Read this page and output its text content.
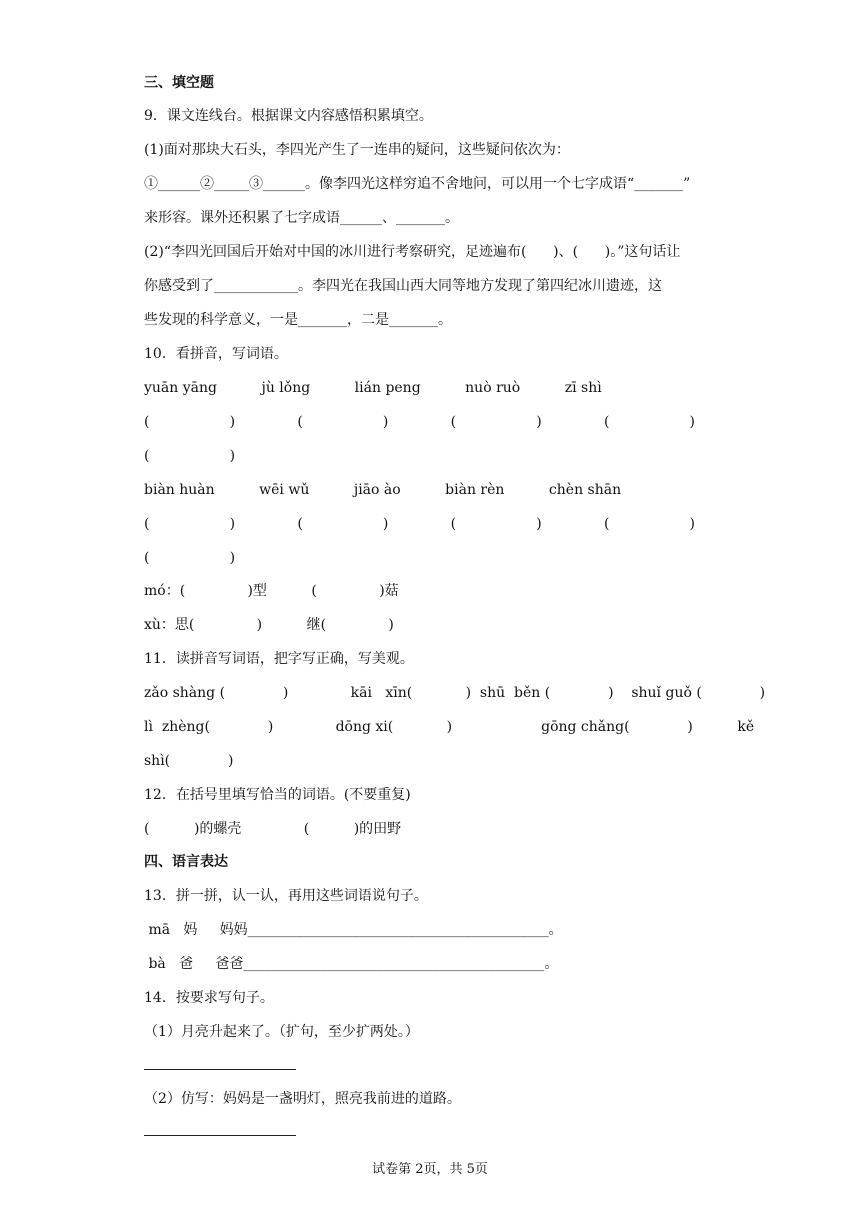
三、填空题
9．课文连线台。根据课文内容感悟积累填空。
(1)面对那块大石头，李四光产生了一连串的疑问，这些疑问依次为：
①______②_____③______。像李四光这样穷追不舍地问，可以用一个七字成语“_______”
来形容。课外还积累了七字成语______、_______。
(2)“李四光回国后开始对中国的冰川进行考察研究，足迹遍布(      )、(      )。”这句话让
你感受到了____________。李四光在我国山西大同等地方发现了第四纪冰川遗迹，这
些发现的科学意义，一是_______，二是_______。
10．看拼音，写词语。
yuān yāng          jù lǒng          lián peng          nuò ruò          zī shì
(                  )              (                  )              (                  )              (                  )
(                  )
biàn huàn          wēi wǔ          jiāo ào          biàn rèn          chèn shān
(                  )              (                  )              (                  )              (                  )
(                  )
mó：(              )型          (              )菇
xù：思(              )          继(              )
11．读拼音写词语，把字写正确，写美观。
zǎo shàng (             )              kāi   xīn(            )  shū  běn (             )    shuǐ guǒ (             )
lì  zhèng(             )              dōng xi(            )                    gōng chǎng(             )          kě
shì(             )
12．在括号里填写恰当的词语。(不要重复)
(          )的螺壳              (          )的田野
四、语言表达
13．拼一拼，认一认，再用这些词语说句子。
mā   妈     妈妈___________________________________________。
bà   爸     爸爸___________________________________________。
14．按要求写句子。
（1）月亮升起来了。（扩句，至少扩两处。）
（2）仿写：妈妈是一盏明灯，照亮我前进的道路。
试卷第 2页，共 5页
